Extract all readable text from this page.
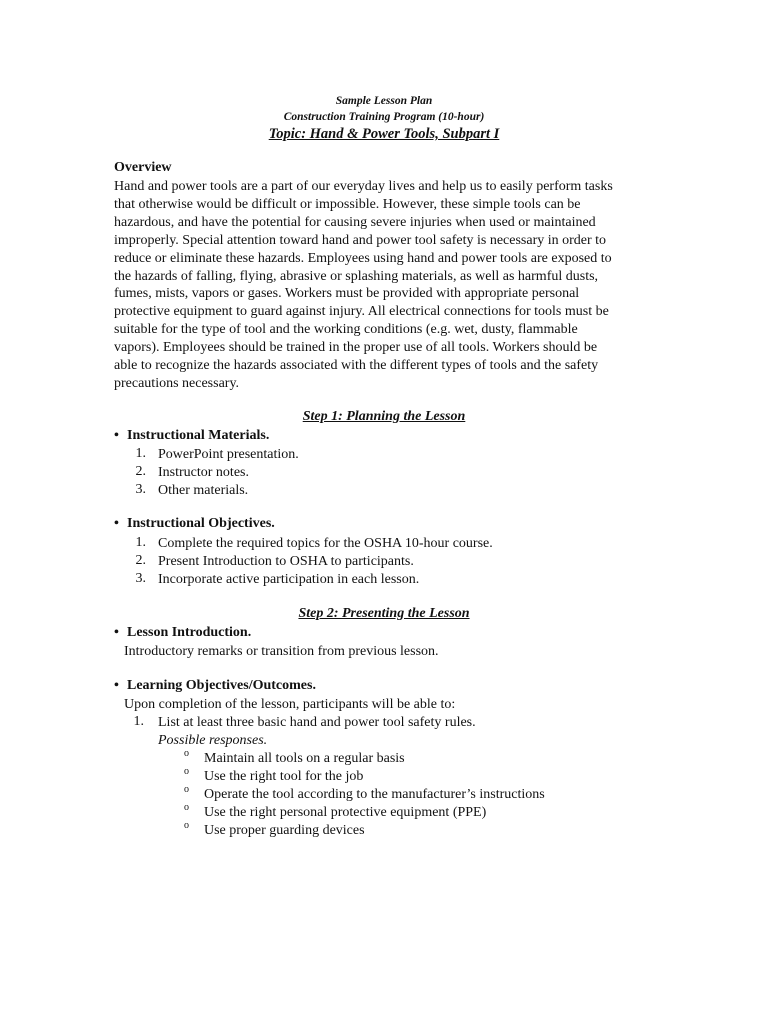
Sample Lesson Plan
Construction Training Program (10-hour)
Topic: Hand & Power Tools, Subpart I
Overview
Hand and power tools are a part of our everyday lives and help us to easily perform tasks
that otherwise would be difficult or impossible. However, these simple tools can be
hazardous, and have the potential for causing severe injuries when used or maintained
improperly. Special attention toward hand and power tool safety is necessary in order to
reduce or eliminate these hazards. Employees using hand and power tools are exposed to
the hazards of falling, flying, abrasive or splashing materials, as well as harmful dusts,
fumes, mists, vapors or gases. Workers must be provided with appropriate personal
protective equipment to guard against injury. All electrical connections for tools must be
suitable for the type of tool and the working conditions (e.g. wet, dusty, flammable
vapors). Employees should be trained in the proper use of all tools. Workers should be
able to recognize the hazards associated with the different types of tools and the safety
precautions necessary.
Step 1: Planning the Lesson
• Instructional Materials.
1. PowerPoint presentation.
2. Instructor notes.
3. Other materials.
• Instructional Objectives.
1. Complete the required topics for the OSHA 10-hour course.
2. Present Introduction to OSHA to participants.
3. Incorporate active participation in each lesson.
Step 2: Presenting the Lesson
• Lesson Introduction.
Introductory remarks or transition from previous lesson.
• Learning Objectives/Outcomes.
Upon completion of the lesson, participants will be able to:
1. List at least three basic hand and power tool safety rules.
Possible responses.
o Maintain all tools on a regular basis
o Use the right tool for the job
o Operate the tool according to the manufacturer’s instructions
o Use the right personal protective equipment (PPE)
o Use proper guarding devices
